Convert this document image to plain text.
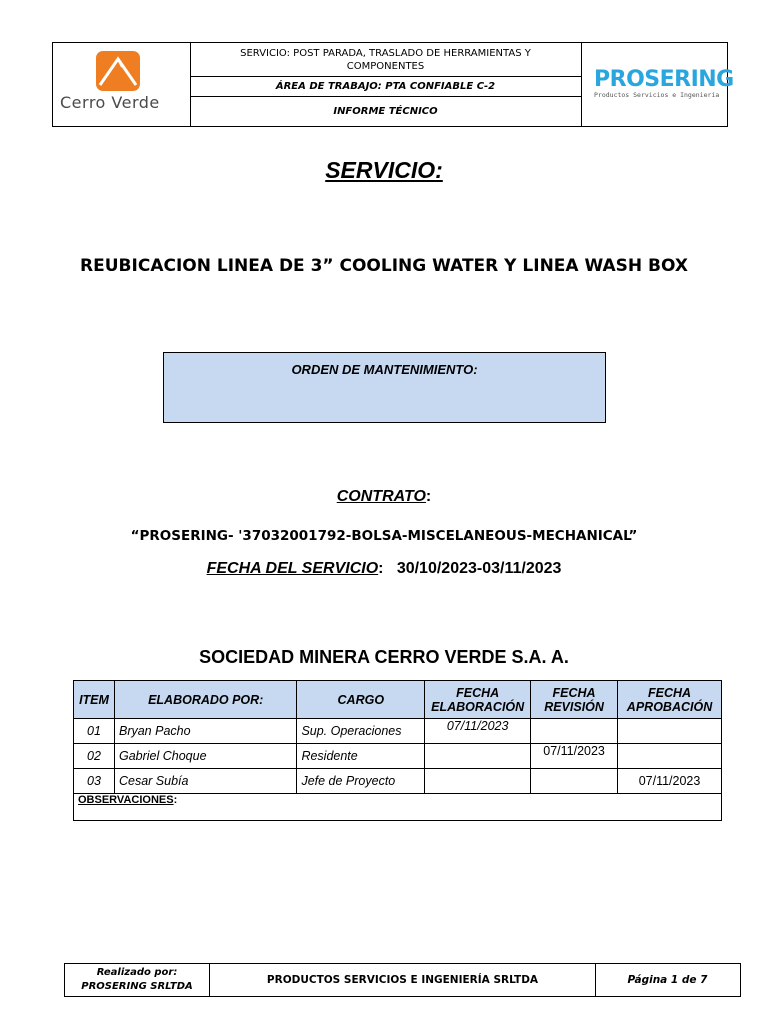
Cerro Verde
SERVICIO: POST PARADA, TRASLADO DE HERRAMIENTAS Y COMPONENTES
ÁREA DE TRABAJO: PTA CONFIABLE C-2
INFORME TÉCNICO
PROSERING
Productos Servicios e Ingeniería
SERVICIO:
REUBICACION LINEA DE 3” COOLING WATER Y LINEA WASH BOX
ORDEN DE MANTENIMIENTO:
CONTRATO:
“PROSERING- '37032001792-BOLSA-MISCELANEOUS-MECHANICAL”
FECHA DEL SERVICIO: 30/10/2023-03/11/2023
SOCIEDAD MINERA CERRO VERDE S.A. A.
ITEM	ELABORADO POR:	CARGO	FECHA ELABORACIÓN	FECHA REVISIÓN	FECHA APROBACIÓN
01	Bryan Pacho	Sup. Operaciones	07/11/2023		
02	Gabriel Choque	Residente		07/11/2023	
03	Cesar Subía	Jefe de Proyecto			07/11/2023
OBSERVACIONES:					
Realizado por:
PROSERING SRLTDA
PRODUCTOS SERVICIOS E INGENIERÍA SRLTDA	Página 1 de 7
